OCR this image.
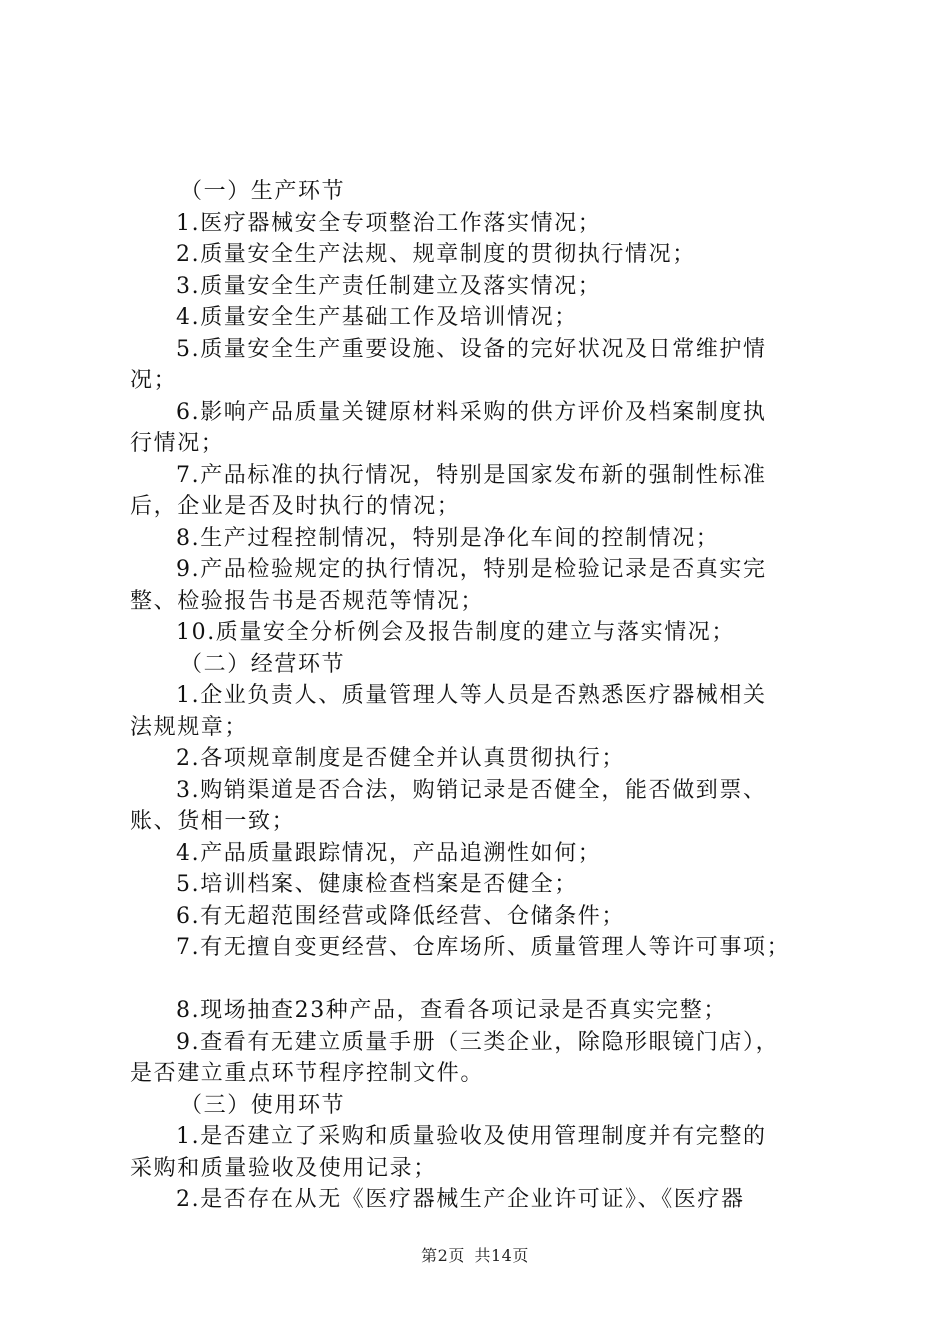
（一）生产环节
1.医疗器械安全专项整治工作落实情况；
2.质量安全生产法规、规章制度的贯彻执行情况；
3.质量安全生产责任制建立及落实情况；
4.质量安全生产基础工作及培训情况；
5.质量安全生产重要设施、设备的完好状况及日常维护情
况；
6.影响产品质量关键原材料采购的供方评价及档案制度执
行情况；
7.产品标准的执行情况，特别是国家发布新的强制性标准
后，企业是否及时执行的情况；
8.生产过程控制情况，特别是净化车间的控制情况；
9.产品检验规定的执行情况，特别是检验记录是否真实完
整、检验报告书是否规范等情况；
10.质量安全分析例会及报告制度的建立与落实情况；
（二）经营环节
1.企业负责人、质量管理人等人员是否熟悉医疗器械相关
法规规章；
2.各项规章制度是否健全并认真贯彻执行；
3.购销渠道是否合法，购销记录是否健全，能否做到票、
账、货相一致；
4.产品质量跟踪情况，产品追溯性如何；
5.培训档案、健康检查档案是否健全；
6.有无超范围经营或降低经营、仓储条件；
7.有无擅自变更经营、仓库场所、质量管理人等许可事项；
8.现场抽查23种产品，查看各项记录是否真实完整；
9.查看有无建立质量手册（三类企业，除隐形眼镜门店），
是否建立重点环节程序控制文件。
（三）使用环节
1.是否建立了采购和质量验收及使用管理制度并有完整的
采购和质量验收及使用记录；
2.是否存在从无《医疗器械生产企业许可证》、《医疗器
第2页 共14页
